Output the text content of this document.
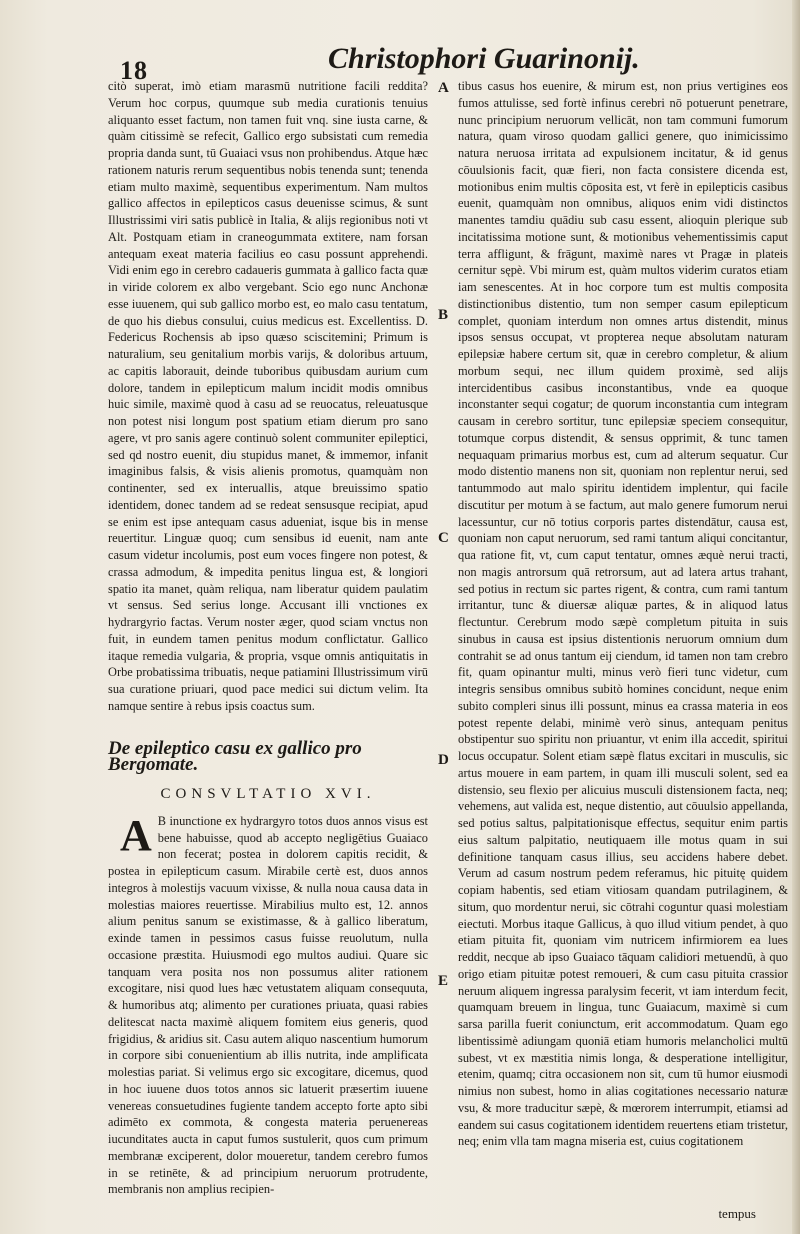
18	Christophori Guarinonij.

citò superat, imò etiam marasmū nutritione facili reddita? Verum hoc corpus, quumque sub media curationis tenuius aliquanto esset factum, non tamen fuit vnq. sine iusta carne, & quàm citissimè se refecit, Gallico ergo subsistati cum remedia propria danda sunt, tū Guaiaci vsus non prohibendus. Atque hæc rationem naturis rerum sequentibus nobis tenenda sunt; tenenda etiam multo maximè, sequentibus experimentum. Nam multos gallico affectos in epilepticos casus deuenisse scimus, & sunt Illustrissimi viri satis publicè in Italia, & alijs regionibus noti vt Alt. Postquam etiam in craneogummata extitere, nam forsan antequam exeat materia facilius eo casu possunt apprehendi. Vidi enim ego in cerebro cadaueris gummata à gallico facta quæ in viride colorem ex albo vergebant. Scio ego nunc Anchonæ esse iuuenem, qui sub gallico morbo est, eo malo casu tentatum, de quo his diebus consului, cuius medicus est. Excellentiss. D. Federicus Rochensis ab ipso quæso sciscitemini; Primum is naturalium, seu genitalium morbis varijs, & doloribus artuum, ac capitis laborauit, deinde tuboribus quibusdam aurium cum dolore, tandem in epilepticum malum incidit modis omnibus huic simile, maximè quod à casu ad se reuocatus, releuatusque non potest nisi longum post spatium etiam dierum pro sano agere, vt pro sanis agere continuò solent communiter epileptici, sed qd nostro euenit, diu stupidus manet, & immemor, infanit imaginibus falsis, & visis alienis promotus, quamquàm non continenter, sed ex interuallis, atque breuissimo spatio identidem, donec tandem ad se redeat sensusque recipiat, apud se enim est ipse antequam casus adueniat, isque bis in mense reuertitur. Linguæ quoq; cum sensibus id euenit, nam ante casum videtur incolumis, post eum voces fingere non potest, & crassa admodum, & impedita penitus lingua est, & longiori spatio ita manet, quàm reliqua, nam liberatur quidem paulatim vt sensus. Sed serius longe. Accusant illi vnctiones ex hydrargyrio factas. Verum noster æger, quod sciam vnctus non fuit, in eundem tamen penitus modum conflictatur. Gallico itaque remedia vulgaria, & propria, vsque omnis antiquitatis in Orbe probatissima tribuatis, neque patiamini Illustrissimum virū sua curatione priuari, quod pace medici sui dictum velim. Ita namque sentire à rebus ipsis coactus sum.

De epileptico casu ex gallico pro Bergomate.
CONSVLTATIO XVI.

A B inunctione ex hydrargyro totos duos annos visus est bene habuisse, quod ab accepto negligētius Guaiaco non fecerat; postea in dolorem capitis recidit, & postea in epilepticum casum. Mirabile certè est, duos annos integros à molestijs vacuum vixisse, & nulla noua causa data in molestias maiores reuertisse. Mirabilius multo est, 12. annos alium penitus sanum se existimasse, & à gallico liberatum, exinde tamen in pessimos casus fuisse reuolutum, nulla occasione præstita. Huiusmodi ego multos audiui. Quare sic tanquam vera posita nos non possumus aliter rationem excogitare, nisi quod lues hæc vetustatem aliquam consequuta, & humoribus atq; alimento per curationes priuata, quasi rabies delitescat nacta maximè aliquem fomitem eius generis, quod frigidius, & aridius sit. Casu autem aliquo nascentium humorum in corpore sibi conuenientium ab illis nutrita, inde amplificata molestias pariat. Si velimus ergo sic excogitare, dicemus, quod in hoc iuuene duos totos annos sic latuerit præsertim iuuene venereas consuetudines fugiente tandem accepto forte apto sibi adimēto ex commota, & congesta materia peruenereas iucunditates aucta in caput fumos sustulerit, quos cum primum membranæ exciperent, dolor moueretur, tandem cerebro fumos in se retinēte, & ad principium neruorum protrudente, membranis non amplius recipien-

A
B
C
D
E

tibus casus hos euenire, & mirum est, non prius vertigines eos fumos attulisse, sed fortè infinus cerebri nō potuerunt penetrare, nunc principium neruorum vellicāt, non tam communi fumorum natura, quam viroso quodam gallici genere, quo inimicissimo natura neruosa irritata ad expulsionem incitatur, & id genus cōuulsionis facit, quæ fieri, non facta consistere dicenda est, motionibus enim multis cōposita est, vt ferè in epilepticis casibus euenit, quamquàm non omnibus, aliquos enim vidi distinctos manentes tamdiu quādiu sub casu essent, alioquin plerique sub incitatissima motione sunt, & motionibus vehementissimis caput terra affligunt, & frāgunt, maximè nares vt Pragæ in plateis cernitur sępè. Vbi mirum est, quàm multos viderim curatos etiam iam senescentes. At in hoc corpore tum est multis composita distinctionibus distentio, tum non semper casum epilepticum complet, quoniam interdum non omnes artus distendit, minus ipsos sensus occupat, vt propterea neque absolutam naturam epilepsiæ habere certum sit, quæ in cerebro completur, & alium morbum sequi, nec illum quidem proximè, sed alijs intercidentibus casibus inconstantibus, vnde ea quoque inconstanter sequi cogatur; de quorum inconstantia cum integram causam in cerebro sortitur, tunc epilepsiæ speciem consequitur, totumque corpus distendit, & sensus opprimit, & tunc tamen nequaquam primarius morbus est, cum ad alterum sequatur. Cur modo distentio manens non sit, quoniam non replentur nerui, sed tantummodo aut malo spiritu identidem implentur, qui facile discutitur per motum à se factum, aut malo genere fumorum nerui lacessuntur, cur nō totius corporis partes distendātur, causa est, quoniam non caput neruorum, sed rami tantum aliqui concitantur, qua ratione fit, vt, cum caput tentatur, omnes æquè nerui tracti, non magis antrorsum quā retrorsum, aut ad latera artus trahant, sed potius in rectum sic partes rigent, & contra, cum rami tantum irritantur, tunc & diuersæ aliquæ partes, & in aliquod latus flectuntur. Cerebrum modo sæpè completum pituita in suis sinubus in causa est ipsius distentionis neruorum omnium dum contrahit se ad onus tantum eij ciendum, id tamen non tam crebro fit, quam opinantur multi, minus verò fieri tunc videtur, cum integris sensibus omnibus subitò homines concidunt, neque enim subito compleri sinus illi possunt, minus ea crassa materia in eos potest repente delabi, minimè verò sinus, antequam penitus obstipentur suo spiritu non priuantur, vt enim illa accedit, spiritui locus occupatur. Solent etiam sæpè flatus excitari in musculis, sic artus mouere in eam partem, in quam illi musculi solent, sed ea distensio, seu flexio per alicuius musculi distensionem facta, neq; vehemens, aut valida est, neque distentio, aut cōuulsio appellanda, sed potius saltus, palpitationisque effectus, sequitur enim partis eius saltum palpitatio, neutiquaem ille motus quam in sui definitione tanquam casus illius, seu accidens habere debet. Verum ad casum nostrum pedem referamus, hic pituitę quidem copiam habentis, sed etiam vitiosam quandam putrilaginem, & situm, quo mordentur nerui, sic cōtrahi coguntur quasi molestiam eiectuti. Morbus itaque Gallicus, à quo illud vitium pendet, à quo etiam pituita fit, quoniam vim nutricem infirmiorem ea lues reddit, necque ab ipso Guaiaco tāquam calidiori metuendū, à quo origo etiam pituitæ potest remoueri, & cum casu pituita crassior neruum aliquem ingressa paralysim fecerit, vt iam interdum fecit, quamquam breuem in lingua, tunc Guaiacum, maximè si cum sarsa parilla fuerit coniunctum, erit accommodatum. Quam ego libentissimè adiungam quoniā etiam humoris melancholici multū subest, vt ex mæstitia nimis longa, & desperatione intelligitur, etenim, quamq; citra occasionem non sit, cum tū humor eiusmodi nimius non subest, homo in alias cogitationes necessario naturæ vsu, & more traducitur sæpè, & mœrorem interrumpit, etiamsi ad eandem sui casus cogitationem identidem reuertens etiam tristetur, neq; enim vlla tam magna miseria est, cuius cogitationem

tempus
